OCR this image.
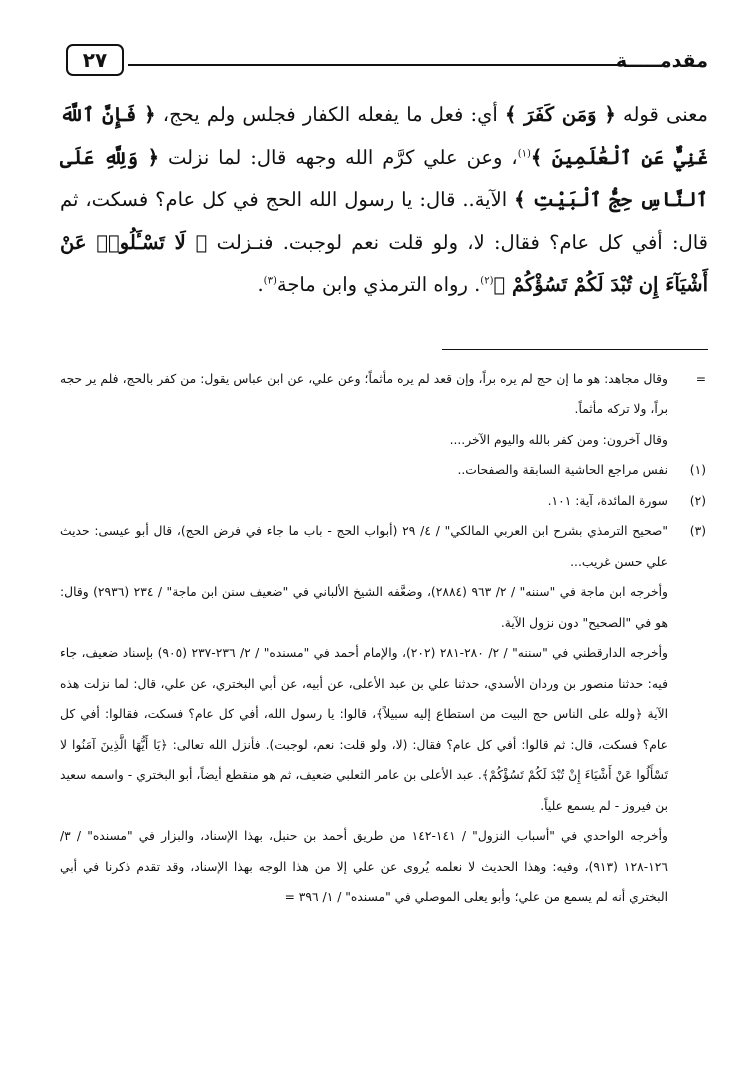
مقدمـــــة
٢٧
معنى قوله ﴿ وَمَن كَفَرَ ﴾ أي: فعل ما يفعله الكفار فجلس ولم يحج، ﴿ فَإِنَّ ٱللَّهَ غَنِيٌّ عَنِ ٱلْعَٰلَمِينَ ﴾$^{(١)}$، وعن علي كرَّم الله وجهه قال: لما نزلت ﴿ وَلِلَّهِ عَلَى ٱلنَّاسِ حِجُّ ٱلْبَيْتِ ﴾ الآية.. قال: يا رسول الله الحج في كل عام؟ فسكت، ثم قال: أفي كل عام؟ فقال: لا، ولو قلت نعم لوجبت. فنـزلت ﴿ لَا تَسْـَٔلُوا۟ عَنْ أَشْيَآءَ إِن تُبْدَ لَكُمْ تَسُؤْكُمْ ﴾$^{(٢)}$. رواه الترمذي وابن ماجة$^{(٣)}$.
=
وقال مجاهد: هو ما إن حج لم يره براً، وإن قعد لم يره مأثماً؛ وعن علي، عن ابن عباس يقول: من كفر بالحج، فلم ير حجه براً، ولا تركه مأثماً.
وقال آخرون: ومن كفر بالله واليوم الآخر....
(١)
نفس مراجع الحاشية السابقة والصفحات..
(٢)
سورة المائدة، آية: ١٠١.
(٣)
"صحيح الترمذي بشرح ابن العربي المالكي" / ٤/ ٢٩ (أبواب الحج - باب ما جاء في فرض الحج)، قال أبو عيسى: حديث علي حسن غريب...
وأخرجه ابن ماجة في "سننه" / ٢/ ٩٦٣ (٢٨٨٤)، وضعَّفه الشيخ الألباني في "ضعيف سنن ابن ماجة" / ٢٣٤ (٢٩٣٦) وقال: هو في "الصحيح" دون نزول الآية.
وأخرجه الدارقطني في "سننه" / ٢/ ٢٨٠-٢٨١ (٢٠٢)، والإمام أحمد في "مسنده" / ٢/ ٢٣٦-٢٣٧ (٩٠٥) بإسناد ضعيف، جاء فيه: حدثنا منصور بن وردان الأسدي، حدثنا علي بن عبد الأعلى، عن أبيه، عن أبي البختري، عن علي، قال: لما نزلت هذه الآية ﴿ولله على الناس حج البيت من استطاع إليه سبيلاً﴾، قالوا: يا رسول الله، أفي كل عام؟ فسكت، فقالوا: أفي كل عام؟ فسكت، قال: ثم قالوا: أفي كل عام؟ فقال: (لا، ولو قلت: نعم، لوجبت). فأنزل الله تعالى: ﴿يَا أَيُّهَا الَّذِينَ آمَنُوا لا تَسْأَلُوا عَنْ أَشْيَاءَ إِنْ تُبْدَ لَكُمْ تَسُؤْكُمْ﴾. عبد الأعلى بن عامر الثعلبي ضعيف، ثم هو منقطع أيضاً، أبو البختري - واسمه سعيد بن فيروز - لم يسمع علياً.
وأخرجه الواحدي في "أسباب النزول" / ١٤١-١٤٢ من طريق أحمد بن حنبل، بهذا الإسناد، والبزار في "مسنده" / ٣/ ١٢٦-١٢٨ (٩١٣)، وفيه: وهذا الحديث لا نعلمه يُروى عن علي إلا من هذا الوجه بهذا الإسناد، وقد تقدم ذكرنا في أبي البختري أنه لم يسمع من علي؛ وأبو يعلى الموصلي في "مسنده" / ١/ ٣٩٦ =
